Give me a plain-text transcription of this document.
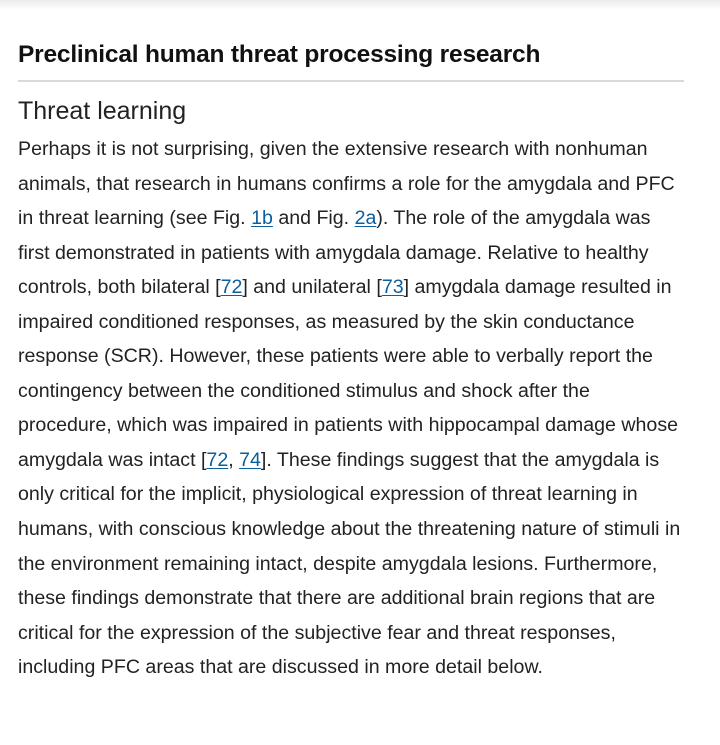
Preclinical human threat processing research
Threat learning

Perhaps it is not surprising, given the extensive research with nonhuman animals, that research in humans confirms a role for the amygdala and PFC in threat learning (see Fig. 1b and Fig. 2a). The role of the amygdala was first demonstrated in patients with amygdala damage. Relative to healthy controls, both bilateral [72] and unilateral [73] amygdala damage resulted in impaired conditioned responses, as measured by the skin conductance response (SCR). However, these patients were able to verbally report the contingency between the conditioned stimulus and shock after the procedure, which was impaired in patients with hippocampal damage whose amygdala was intact [72, 74]. These findings suggest that the amygdala is only critical for the implicit, physiological expression of threat learning in humans, with conscious knowledge about the threatening nature of stimuli in the environment remaining intact, despite amygdala lesions. Furthermore, these findings demonstrate that there are additional brain regions that are critical for the expression of the subjective fear and threat responses, including PFC areas that are discussed in more detail below.
